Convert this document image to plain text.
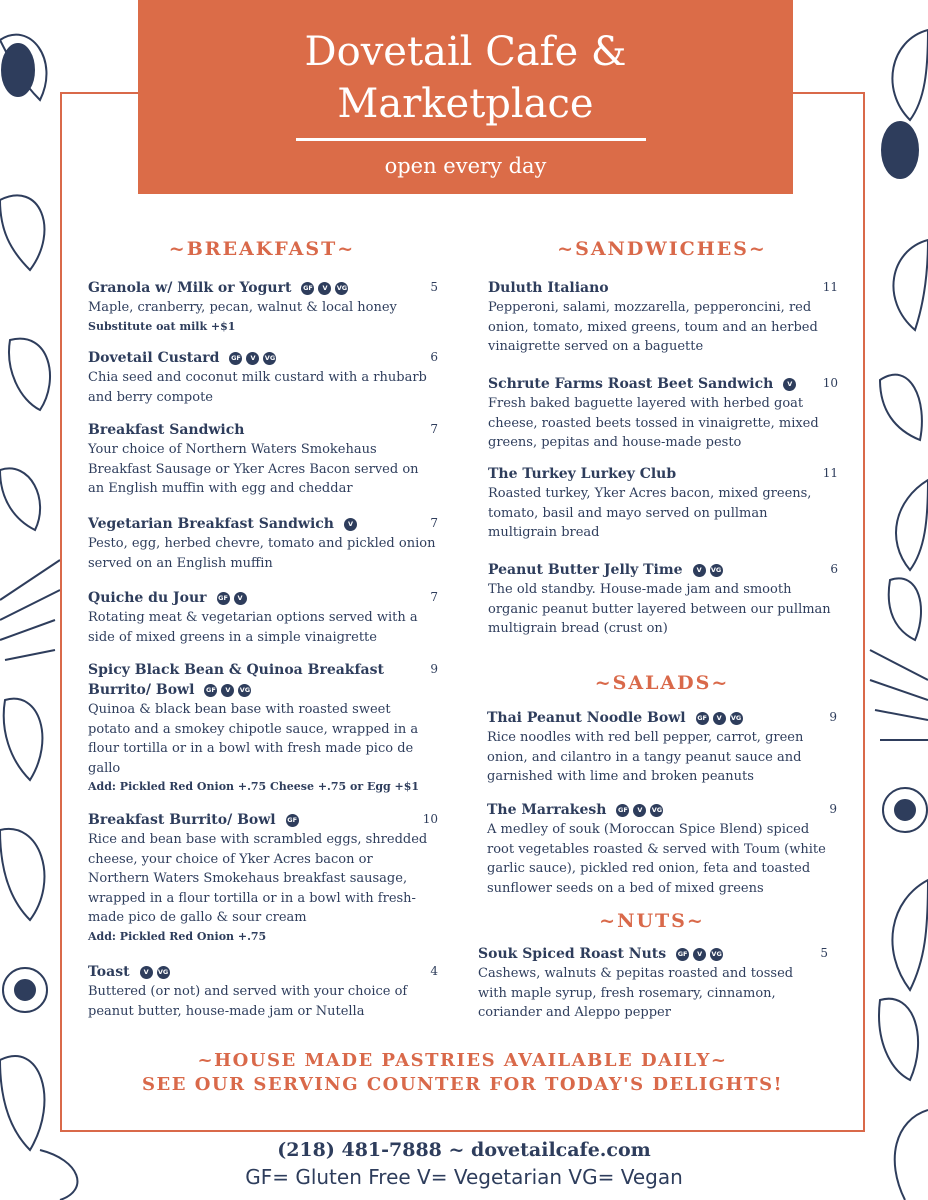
Dovetail Cafe &
Marketplace
open every day
~BREAKFAST~
Granola w/ Milk or Yogurt GF	V	VG	5
Maple, cranberry, pecan, walnut & local honey
Substitute oat milk +$1
Dovetail Custard GF	V	VG	6
Chia seed and coconut milk custard with a rhubarb and berry compote
Breakfast Sandwich	7
Your choice of Northern Waters Smokehaus Breakfast Sausage or Yker Acres Bacon served on an English muffin with egg and cheddar
Vegetarian Breakfast Sandwich	V	7
Pesto, egg, herbed chevre, tomato and pickled onion served on an English muffin
Quiche du Jour GF	V	7
Rotating meat & vegetarian options served with a side of mixed greens in a simple vinaigrette
Spicy Black Bean & Quinoa Breakfast
Burrito/ Bowl GF	V	VG
9
Quinoa & black bean base with roasted sweet potato and a smokey chipotle sauce, wrapped in a flour tortilla or in a bowl with fresh made pico de gallo
Add: Pickled Red Onion +.75 Cheese +.75 or Egg +$1
Breakfast Burrito/ Bowl GF	10
Rice and bean base with scrambled eggs, shredded cheese, your choice of Yker Acres bacon or Northern Waters Smokehaus breakfast sausage, wrapped in a flour tortilla or in a bowl with fresh-made pico de gallo & sour cream
Add: Pickled Red Onion +.75
Toast	V	VG	4
Buttered (or not) and served with your choice of peanut butter, house-made jam or Nutella
~SANDWICHES~
Duluth Italiano	11
Pepperoni, salami, mozzarella, pepperoncini, red onion, tomato, mixed greens, toum and an herbed vinaigrette served on a baguette
Schrute Farms Roast Beet Sandwich	V	10
Fresh baked baguette layered with herbed goat cheese, roasted beets tossed in vinaigrette, mixed greens, pepitas and house-made pesto
The Turkey Lurkey Club	11
Roasted turkey, Yker Acres bacon, mixed greens, tomato, basil and mayo served on pullman multigrain bread
Peanut Butter Jelly Time	V	VG	6
The old standby. House-made jam and smooth organic peanut butter layered between our pullman multigrain bread (crust on)
~SALADS~
Thai Peanut Noodle Bowl GF	V	VG	9
Rice noodles with red bell pepper, carrot, green onion, and cilantro in a tangy peanut sauce and garnished with lime and broken peanuts
The Marrakesh GF	V	VG	9
A medley of souk (Moroccan Spice Blend) spiced root vegetables roasted & served with Toum (white garlic sauce), pickled red onion, feta and toasted sunflower seeds on a bed of mixed greens
~NUTS~
Souk Spiced Roast Nuts GF	V	VG	5
Cashews, walnuts & pepitas roasted and tossed with maple syrup, fresh rosemary, cinnamon, coriander and Aleppo pepper
~HOUSE MADE PASTRIES AVAILABLE DAILY~
SEE OUR SERVING COUNTER FOR TODAY'S DELIGHTS!
(218) 481-7888 ~ dovetailcafe.com
GF= Gluten Free V= Vegetarian VG= Vegan
